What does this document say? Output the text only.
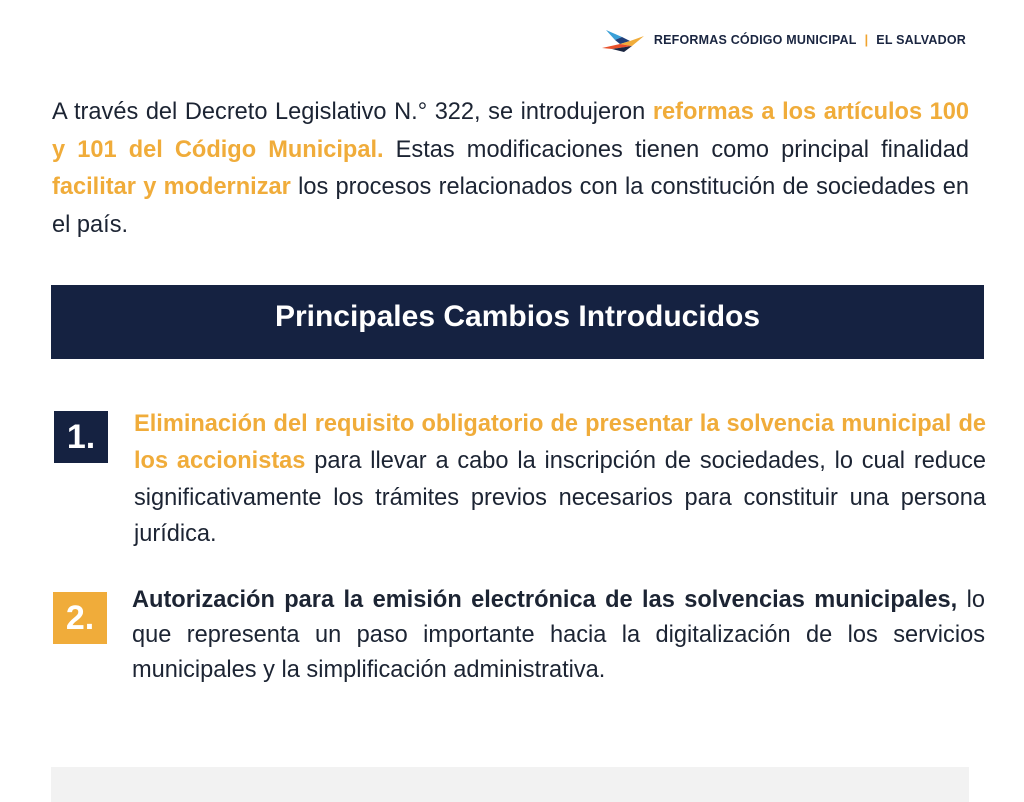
REFORMAS CÓDIGO MUNICIPAL | EL SALVADOR

A través del Decreto Legislativo N.° 322, se introdujeron reformas a los artículos 100 y 101 del Código Municipal. Estas modificaciones tienen como principal finalidad facilitar y modernizar los procesos relacionados con la constitución de sociedades en el país.

Principales Cambios Introducidos
1.	Eliminación del requisito obligatorio de presentar la solvencia municipal de los accionistas para llevar a cabo la inscripción de sociedades, lo cual reduce significativamente los trámites previos necesarios para constituir una persona jurídica.

2.	Autorización para la emisión electrónica de las solvencias municipales, lo que representa un paso importante hacia la digitalización de los servicios municipales y la simplificación administrativa.
